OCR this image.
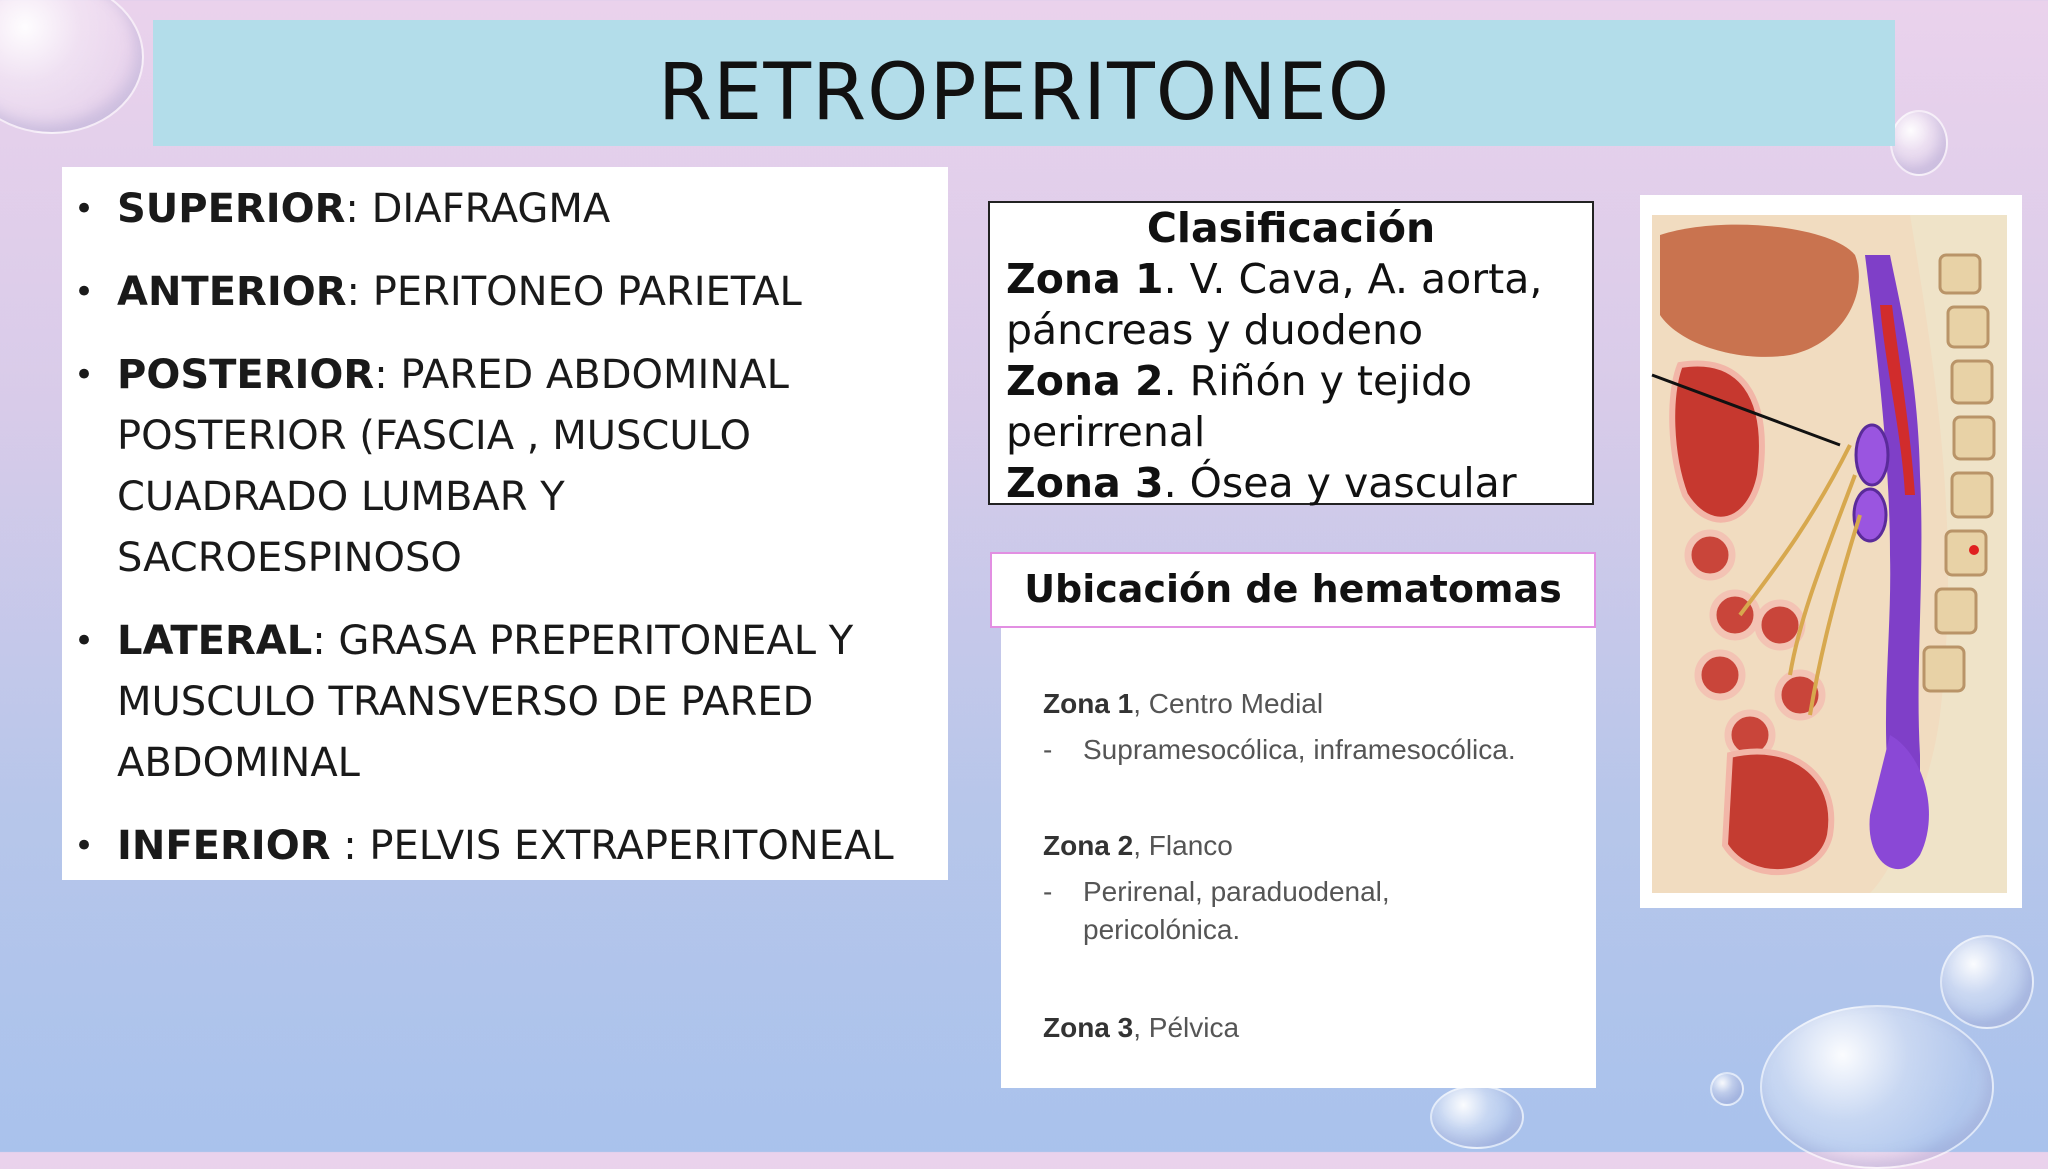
RETROPERITONEO
• SUPERIOR: DIAFRAGMA
• ANTERIOR: PERITONEO PARIETAL
• POSTERIOR: PARED ABDOMINAL
POSTERIOR (FASCIA , MUSCULO
CUADRADO LUMBAR Y
SACROESPINOSO
• LATERAL: GRASA PREPERITONEAL Y
MUSCULO TRANSVERSO DE PARED
ABDOMINAL
• INFERIOR : PELVIS EXTRAPERITONEAL
Clasificación
Zona 1. V. Cava, A. aorta,
páncreas y duodeno
Zona 2. Riñón y tejido
perirrenal
Zona 3. Ósea y vascular
Ubicación de hematomas
Zona 1, Centro Medial
- Supramesocólica, inframesocólica.
Zona 2, Flanco
- Perirenal, paraduodenal,
pericolónica.
Zona 3, Pélvica
